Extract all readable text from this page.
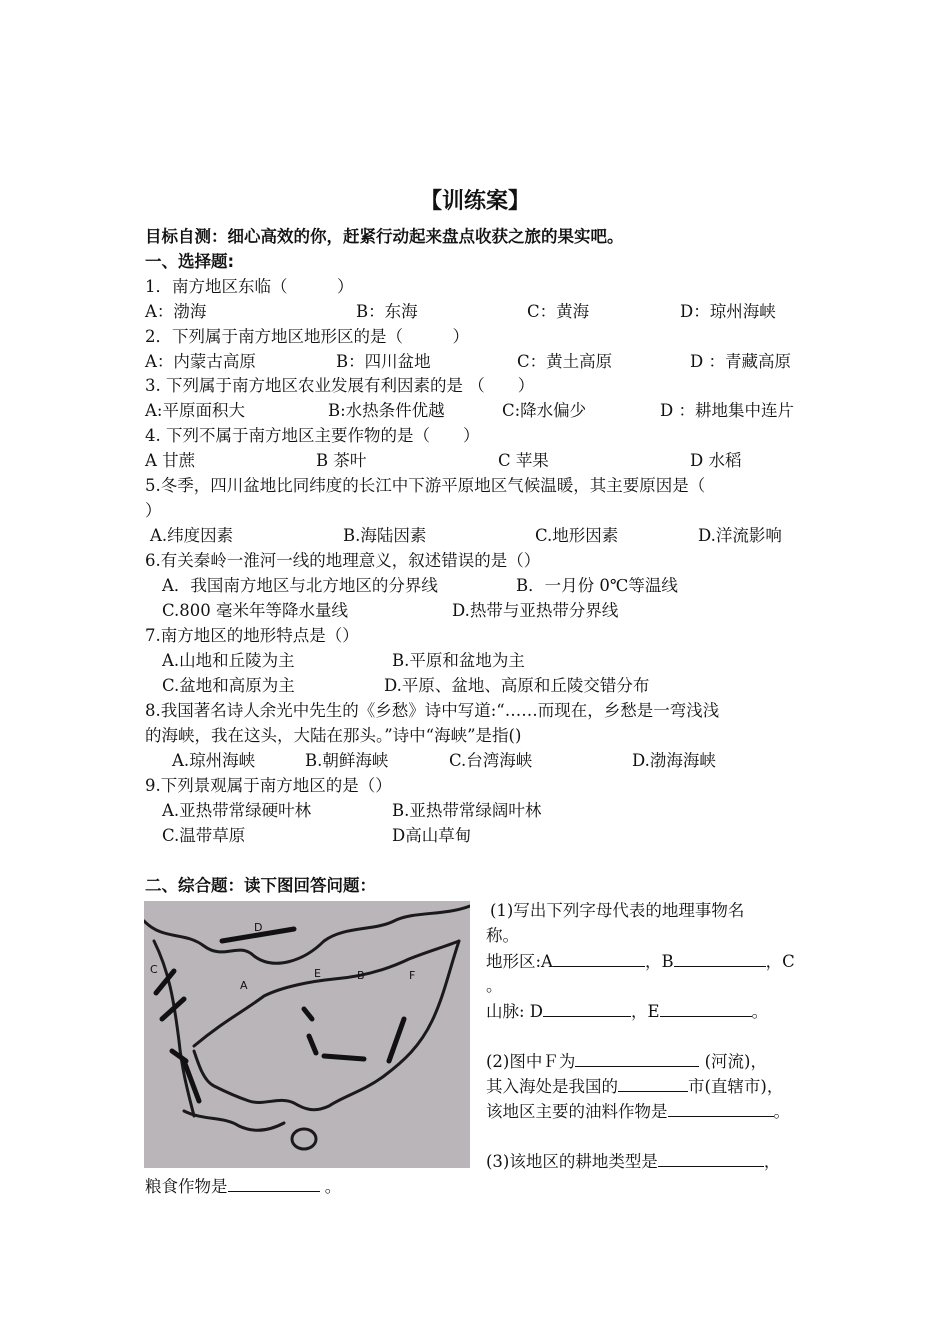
【训练案】
目标自测：细心高效的你，赶紧行动起来盘点收获之旅的果实吧。
一、选择题:
1．南方地区东临（　　　）
A：渤海	B：东海	C：黄海	D：琼州海峡
2．下列属于南方地区地形区的是（　　　）
A：内蒙古高原	B：四川盆地	C：黄土高原	D ：青藏高原
3. 下列属于南方地区农业发展有利因素的是 （　　）
A:平原面积大	B:水热条件优越	C:降水偏少	D ：耕地集中连片
4. 下列不属于南方地区主要作物的是（　　）
A 甘蔗	B 茶叶	C 苹果	D 水稻
5.冬季，四川盆地比同纬度的长江中下游平原地区气候温暖，其主要原因是（
）
A.纬度因素	B.海陆因素	C.地形因素	D.洋流影响
6.有关秦岭一淮河一线的地理意义，叙述错误的是（）
A．我国南方地区与北方地区的分界线	B．一月份 0℃等温线
C.800 毫米年等降水量线	D.热带与亚热带分界线
7.南方地区的地形特点是（）
A.山地和丘陵为主	B.平原和盆地为主
C.盆地和高原为主	D.平原、盆地、高原和丘陵交错分布
8.我国著名诗人余光中先生的《乡愁》诗中写道:“……而现在，乡愁是一弯浅浅
的海峡，我在这头，大陆在那头。”诗中“海峡”是指()
A.琼州海峡	B.朝鲜海峡	C.台湾海峡	D.渤海海峡
9.下列景观属于南方地区的是（）
A.亚热带常绿硬叶林	B.亚热带常绿阔叶林
C.温带草原	D高山草甸
二、综合题：读下图回答问题：
A
B
C
D
E	F
(1)写出下列字母代表的地理事物名
称。
地形区:A	，B	，C
。
山脉: D	，E	。
(2)图中Ｆ为	(河流)，
其入海处是我国的	市(直辖市)，
该地区主要的油料作物是	。
(3)该地区的耕地类型是	，
粮食作物是	。
